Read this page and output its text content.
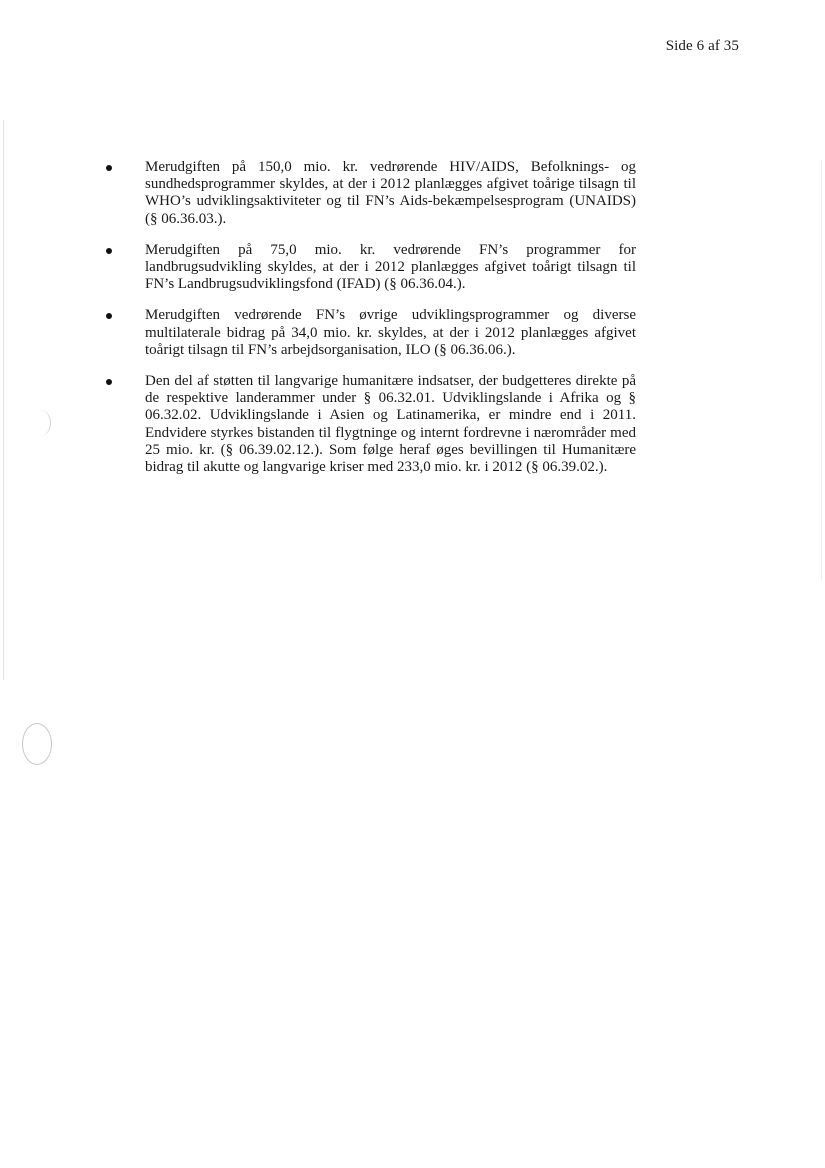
Side 6 af 35
Merudgiften på 150,0 mio. kr. vedrørende HIV/AIDS, Befolknings- og sundhedsprogrammer skyldes, at der i 2012 planlægges afgivet toårige tilsagn til WHO’s udviklingsaktiviteter og til FN’s Aids-bekæmpelsesprogram (UNAIDS) (§ 06.36.03.).
Merudgiften på 75,0 mio. kr. vedrørende FN’s programmer for landbrugsudvikling skyldes, at der i 2012 planlægges afgivet toårigt tilsagn til FN’s Landbrugsudviklingsfond (IFAD) (§ 06.36.04.).
Merudgiften vedrørende FN’s øvrige udviklingsprogrammer og diverse multilaterale bidrag på 34,0 mio. kr. skyldes, at der i 2012 planlægges afgivet toårigt tilsagn til FN’s arbejdsorganisation, ILO (§ 06.36.06.).
Den del af støtten til langvarige humanitære indsatser, der budgetteres direkte på de respektive landerammer under § 06.32.01. Udviklingslande i Afrika og § 06.32.02. Udviklingslande i Asien og Latinamerika, er mindre end i 2011. Endvidere styrkes bistanden til flygtninge og internt fordrevne i nærområder med 25 mio. kr. (§ 06.39.02.12.). Som følge heraf øges bevillingen til Humanitære bidrag til akutte og langvarige kriser med 233,0 mio. kr. i 2012 (§ 06.39.02.).
